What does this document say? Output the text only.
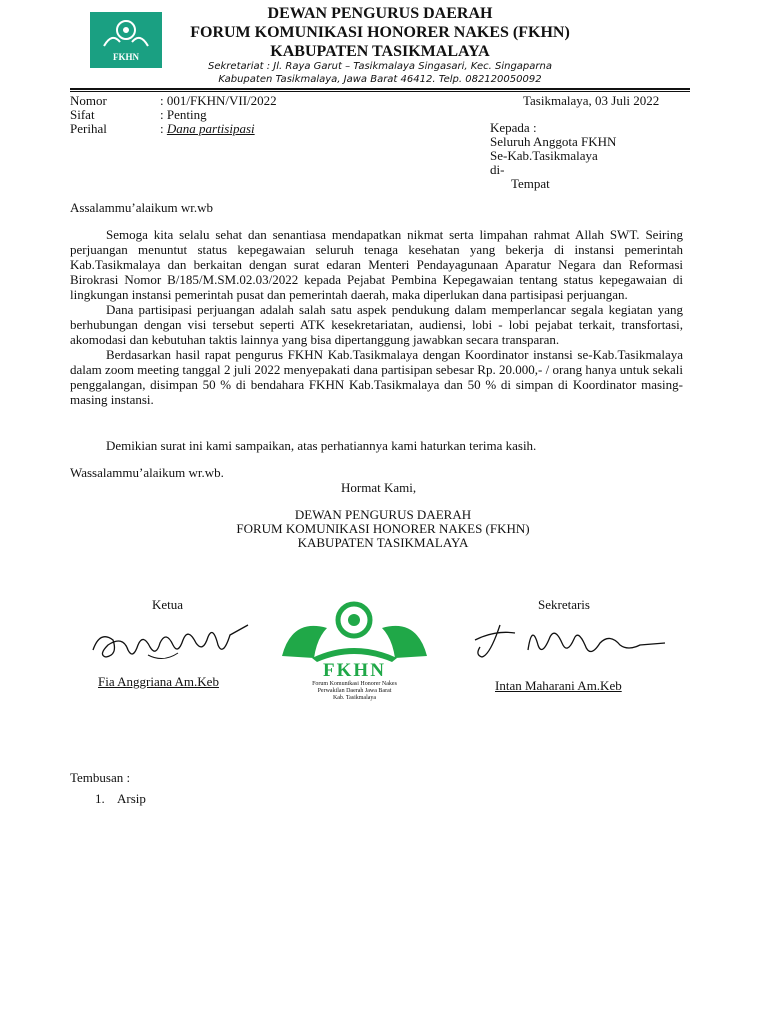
FKHN
DEWAN PENGURUS DAERAH
FORUM KOMUNIKASI HONORER NAKES (FKHN)
KABUPATEN TASIKMALAYA
Sekretariat : Jl. Raya Garut – Tasikmalaya Singasari, Kec. Singaparna
Kabupaten Tasikmalaya, Jawa Barat 46412. Telp. 082120050092
Nomor	: 001/FKHN/VII/2022	Tasikmalaya, 03 Juli 2022
Sifat	: Penting
Perihal	: Dana partisipasi	Kepada :
Seluruh Anggota FKHN
Se-Kab.Tasikmalaya
di-
Tempat
Assalammu’alaikum wr.wb

Semoga kita selalu sehat dan senantiasa mendapatkan nikmat serta limpahan rahmat Allah SWT. Seiring perjuangan menuntut status kepegawaian seluruh tenaga kesehatan yang bekerja di instansi pemerintah Kab.Tasikmalaya dan berkaitan dengan surat edaran Menteri Pendayagunaan Aparatur Negara dan Reformasi Birokrasi Nomor B/185/M.SM.02.03/2022 kepada Pejabat Pembina Kepegawaian tentang status kepegawaian di lingkungan instansi pemerintah pusat dan pemerintah daerah, maka diperlukan dana partisipasi perjuangan.

Dana partisipasi perjuangan adalah salah satu aspek pendukung dalam memperlancar segala kegiatan yang berhubungan dengan visi tersebut seperti ATK kesekretariatan, audiensi, lobi - lobi pejabat terkait, transfortasi, akomodasi dan kebutuhan taktis lainnya yang bisa dipertanggung jawabkan secara transparan.

Berdasarkan hasil rapat pengurus FKHN Kab.Tasikmalaya dengan Koordinator instansi se-Kab.Tasikmalaya dalam zoom meeting tanggal 2 juli 2022 menyepakati dana partisipan sebesar Rp. 20.000,- / orang hanya untuk sekali penggalangan, disimpan 50 % di bendahara FKHN Kab.Tasikmalaya dan 50 % di simpan di Koordinator masing-masing instansi.

Demikian surat ini kami sampaikan, atas perhatiannya kami haturkan terima kasih.
Wassalammu’alaikum wr.wb.
Hormat Kami,
DEWAN PENGURUS DAERAH
FORUM KOMUNIKASI HONORER NAKES (FKHN)
KABUPATEN TASIKMALAYA
Ketua	Sekretaris
FKHN
Forum Komunikasi Honorer Nakes
Perwakilan Daerah Jawa Barat
Kab. Tasikmalaya
Fia Anggriana Am.Keb	Intan Maharani Am.Keb
Tembusan :
1. Arsip
